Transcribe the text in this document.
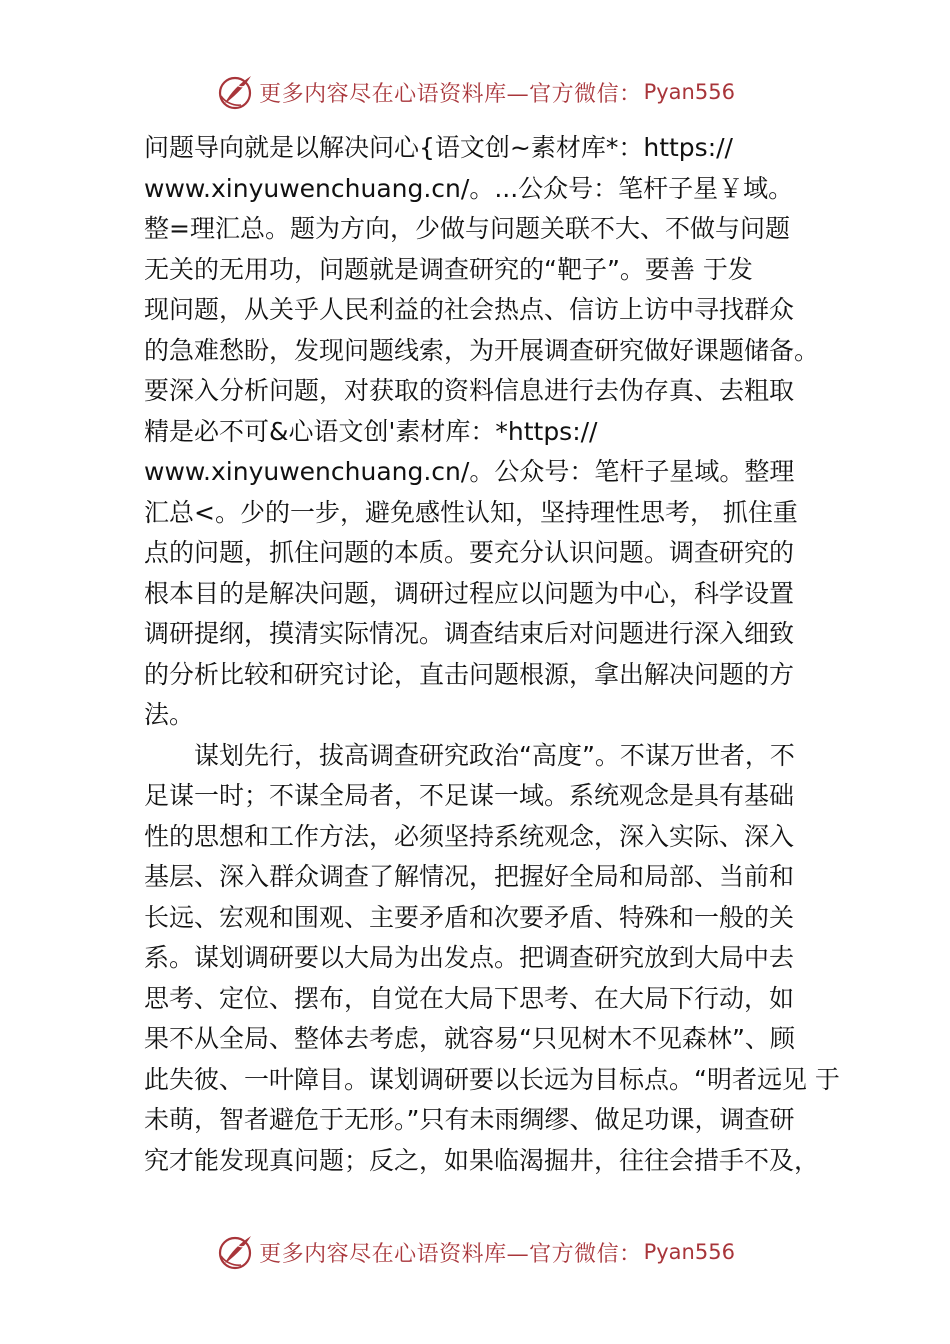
更多内容尽在心语资料库—官方微信： Pyan556
问题导向就是以解决问心{语文创~素材库*：https://
www.xinyuwenchuang.cn/。...公众号：笔杆子星￥域。
整=理汇总。题为方向，少做与问题关联不大、不做与问题
无关的无用功，问题就是调查研究的“靶子”。要善 于发
现问题，从关乎人民利益的社会热点、信访上访中寻找群众
的急难愁盼，发现问题线索，为开展调查研究做好课题储备。
要深入分析问题，对获取的资料信息进行去伪存真、去粗取
精是必不可&心语文创'素材库：*https://
www.xinyuwenchuang.cn/。公众号：笔杆子星域。整理
汇总<。少的一步，避免感性认知，坚持理性思考， 抓住重
点的问题，抓住问题的本质。要充分认识问题。调查研究的
根本目的是解决问题，调研过程应以问题为中心，科学设置
调研提纲，摸清实际情况。调查结束后对问题进行深入细致
的分析比较和研究讨论，直击问题根源，拿出解决问题的方
法。
谋划先行，拔高调查研究政治“高度”。不谋万世者，不
足谋一时；不谋全局者，不足谋一域。系统观念是具有基础
性的思想和工作方法，必须坚持系统观念，深入实际、深入
基层、深入群众调查了解情况，把握好全局和局部、当前和
长远、宏观和围观、主要矛盾和次要矛盾、特殊和一般的关
系。谋划调研要以大局为出发点。把调查研究放到大局中去
思考、定位、摆布，自觉在大局下思考、在大局下行动，如
果不从全局、整体去考虑，就容易“只见树木不见森林”、顾
此失彼、一叶障目。谋划调研要以长远为目标点。“明者远见 于
未萌，智者避危于无形。”只有未雨绸缪、做足功课，调查研
究才能发现真问题；反之，如果临渴掘井，往往会措手不及，
更多内容尽在心语资料库—官方微信： Pyan556
